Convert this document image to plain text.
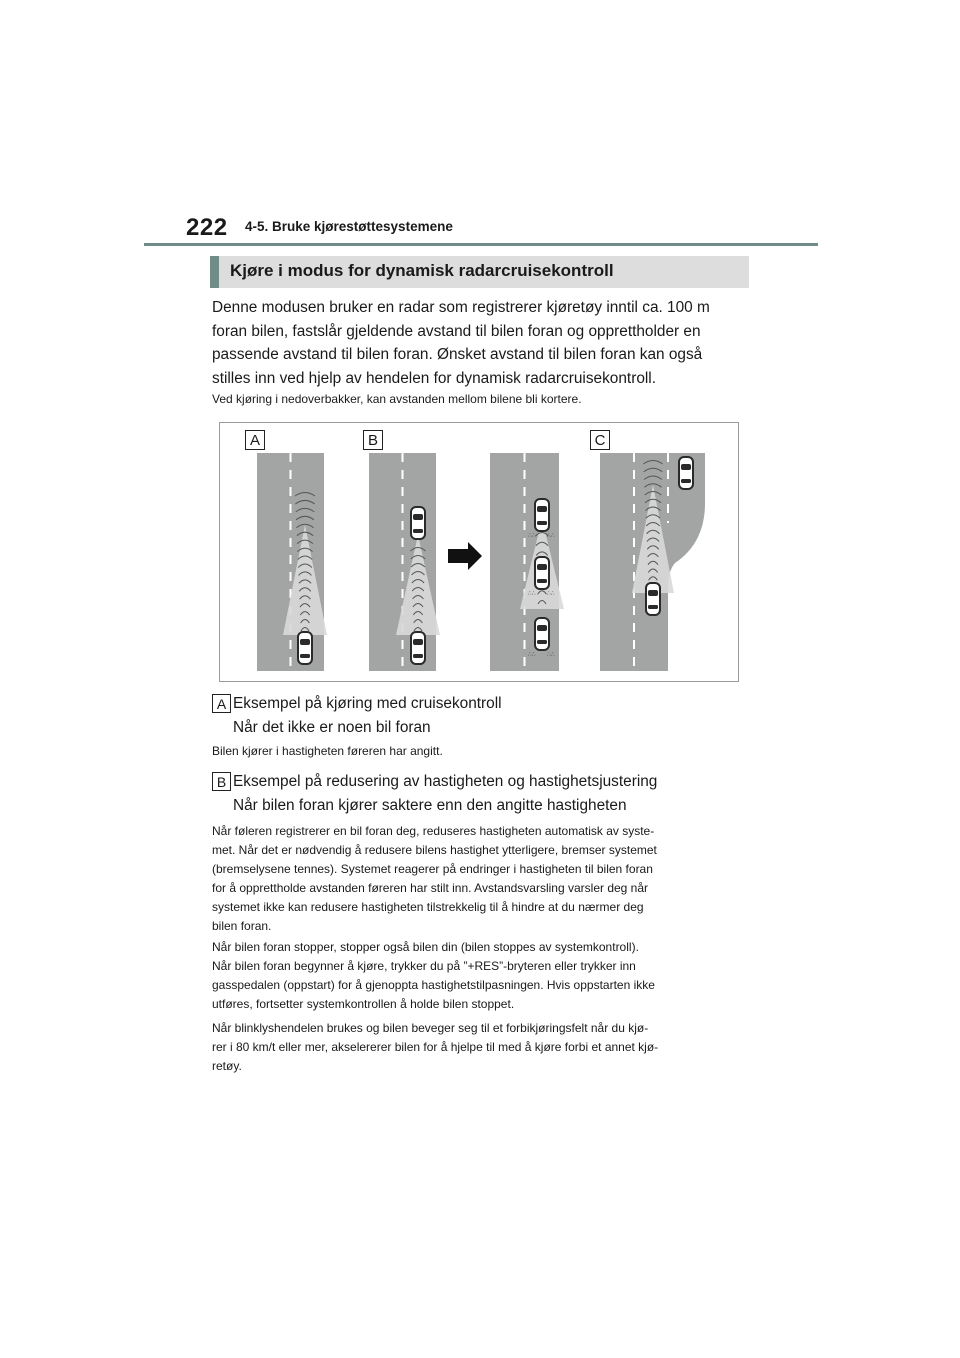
222 4-5. Bruke kjørestøttesystemene
Kjøre i modus for dynamisk radarcruisekontroll
Denne modusen bruker en radar som registrerer kjøretøy inntil ca. 100 m
foran bilen, fastslår gjeldende avstand til bilen foran og opprettholder en
passende avstand til bilen foran. Ønsket avstand til bilen foran kan også
stilles inn ved hjelp av hendelen for dynamisk radarcruisekontroll.
Ved kjøring i nedoverbakker, kan avstanden mellom bilene bli kortere.
∴∴ ∴∴
∴∴ ∴∴
∴∴ ∴∴
A	B	C
A Eksempel på kjøring med cruisekontroll
Når det ikke er noen bil foran
Bilen kjører i hastigheten føreren har angitt.
B Eksempel på redusering av hastigheten og hastighetsjustering
Når bilen foran kjører saktere enn den angitte hastigheten
Når føleren registrerer en bil foran deg, reduseres hastigheten automatisk av syste-
met. Når det er nødvendig å redusere bilens hastighet ytterligere, bremser systemet
(bremselysene tennes). Systemet reagerer på endringer i hastigheten til bilen foran
for å opprettholde avstanden føreren har stilt inn. Avstandsvarsling varsler deg når
systemet ikke kan redusere hastigheten tilstrekkelig til å hindre at du nærmer deg
bilen foran.
Når bilen foran stopper, stopper også bilen din (bilen stoppes av systemkontroll).
Når bilen foran begynner å kjøre, trykker du på ”+RES”-bryteren eller trykker inn
gasspedalen (oppstart) for å gjenoppta hastighetstilpasningen. Hvis oppstarten ikke
utføres, fortsetter systemkontrollen å holde bilen stoppet.
Når blinklyshendelen brukes og bilen beveger seg til et forbikjøringsfelt når du kjø-
rer i 80 km/t eller mer, akselererer bilen for å hjelpe til med å kjøre forbi et annet kjø-
retøy.
